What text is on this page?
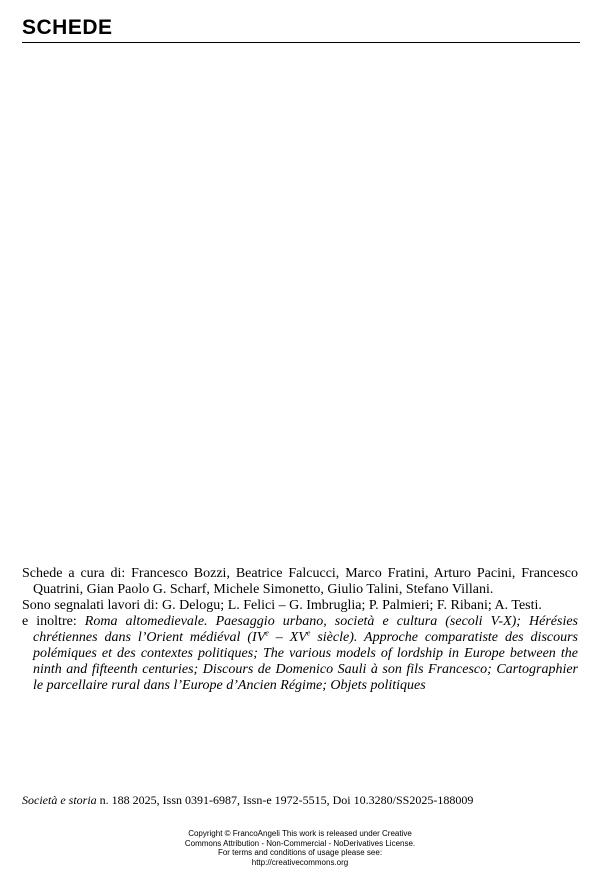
SCHEDE

Schede a cura di: Francesco Bozzi, Beatrice Falcucci, Marco Fratini, Arturo Pacini, Francesco Quatrini, Gian Paolo G. Scharf, Michele Simonetto, Giulio Talini, Stefano Villani.

Sono segnalati lavori di: G. Delogu; L. Felici – G. Imbruglia; P. Palmieri; F. Ribani; A. Testi.

e inoltre: Roma altomedievale. Paesaggio urbano, società e cultura (secoli V-X); Hérésies chrétiennes dans l’Orient médiéval (IVe – XVe siècle). Approche comparatiste des discours polémiques et des contextes politiques; The various models of lordship in Europe between the ninth and fifteenth centuries; Discours de Domenico Sauli à son fils Francesco; Cartographier le parcellaire rural dans l’Europe d’Ancien Régime; Objets politiques

Società e storia n. 188 2025, Issn 0391-6987, Issn-e 1972-5515, Doi 10.3280/SS2025-188009
Copyright © FrancoAngeli This work is released under Creative
Commons Attribution - Non-Commercial - NoDerivatives License.
For terms and conditions of usage please see:
http://creativecommons.org
